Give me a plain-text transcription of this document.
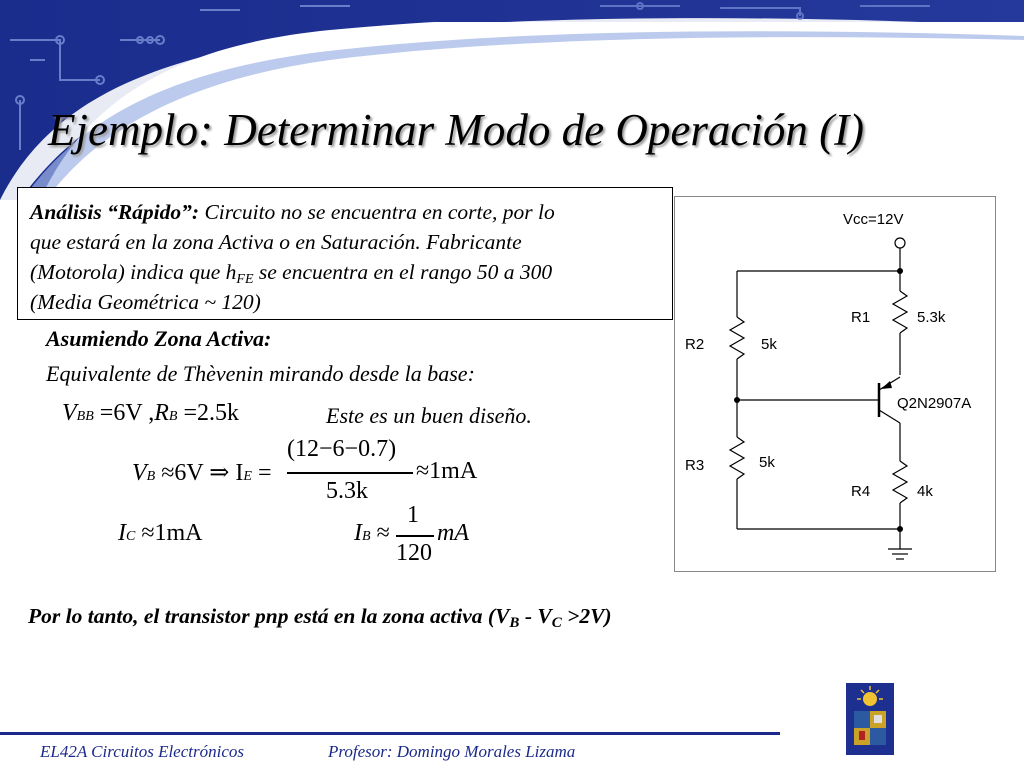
Ejemplo: Determinar Modo de Operación (I)
Análisis “Rápido”: Circuito no se encuentra en corte, por lo
que estará en la zona Activa o en Saturación. Fabricante
(Motorola) indica que $h_{FE}$ se encuentra en el rango 50 a 300
(Media Geométrica ~ 120)
Asumiendo Zona Activa:
Equivalente de Thèvenin mirando desde la base:
VBB =6V ,RB =2.5k	Este es un buen diseño.
VB ≈6V ⇒ IE =
(12−6−0.7)
5.3k
≈1mA
IC ≈1mA	IB ≈
1
120
mA
Vcc=12V
R1	5.3k
R2	5k
Q2N2907A
R3	5k
R4	4k
Por lo tanto, el transistor pnp está en la zona activa $(V_B - V_C >2V)$
EL42A Circuitos Electrónicos	Profesor: Domingo Morales Lizama
